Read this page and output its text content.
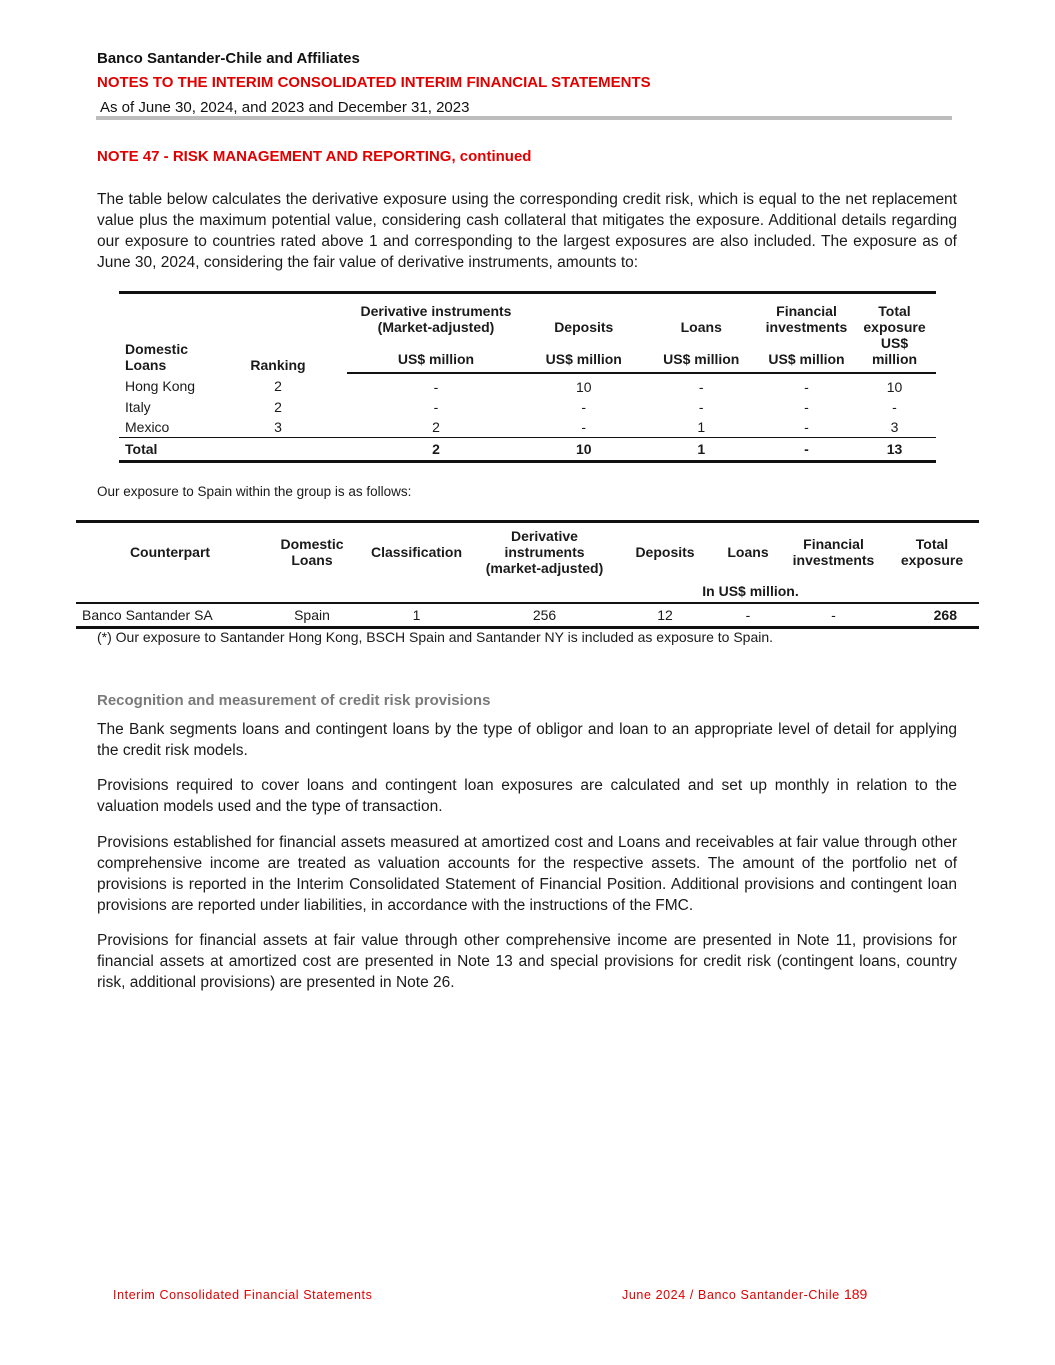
Banco Santander-Chile and Affiliates
NOTES TO THE INTERIM CONSOLIDATED INTERIM FINANCIAL STATEMENTS
As of June 30, 2024, and 2023 and December 31, 2023
NOTE 47 - RISK MANAGEMENT AND REPORTING, continued

The table below calculates the derivative exposure using the corresponding credit risk, which is equal to the net replacement value plus the maximum potential value, considering cash collateral that mitigates the exposure. Additional details regarding our exposure to countries rated above 1 and corresponding to the largest exposures are also included. The exposure as of June 30, 2024, considering the fair value of derivative instruments, amounts to:

		Derivative instruments (Market-adjusted)	Deposits	Loans	Financial investments	Total exposure
Domestic Loans	Ranking					
		US$ million	US$ million	US$ million	US$ million	US$ million
Hong Kong	2	-	10	-	-	10
Italy	2	-	-	-	-	-
Mexico	3	2	-	1	-	3
Total		2	10	1	-	13
Our exposure to Spain within the group is as follows:
Counterpart	Domestic Loans	Classification	Derivative instruments (market-adjusted)	Deposits	Loans	Financial investments	Total exposure
				In US$ million.			
Banco Santander SA	Spain	1	256	12	-	-	268
(*) Our exposure to Santander Hong Kong, BSCH Spain and Santander NY is included as exposure to Spain.
Recognition and measurement of credit risk provisions

The Bank segments loans and contingent loans by the type of obligor and loan to an appropriate level of detail for applying the credit risk models.

Provisions required to cover loans and contingent loan exposures are calculated and set up monthly in relation to the valuation models used and the type of transaction.

Provisions established for financial assets measured at amortized cost and Loans and receivables at fair value through other comprehensive income are treated as valuation accounts for the respective assets. The amount of the portfolio net of provisions is reported in the Interim Consolidated Statement of Financial Position. Additional provisions and contingent loan provisions are reported under liabilities, in accordance with the instructions of the FMC.

Provisions for financial assets at fair value through other comprehensive income are presented in Note 11, provisions for financial assets at amortized cost are presented in Note 13 and special provisions for credit risk (contingent loans, country risk, additional provisions) are presented in Note 26.

Interim Consolidated Financial Statements	June 2024 / Banco Santander-Chile 189
